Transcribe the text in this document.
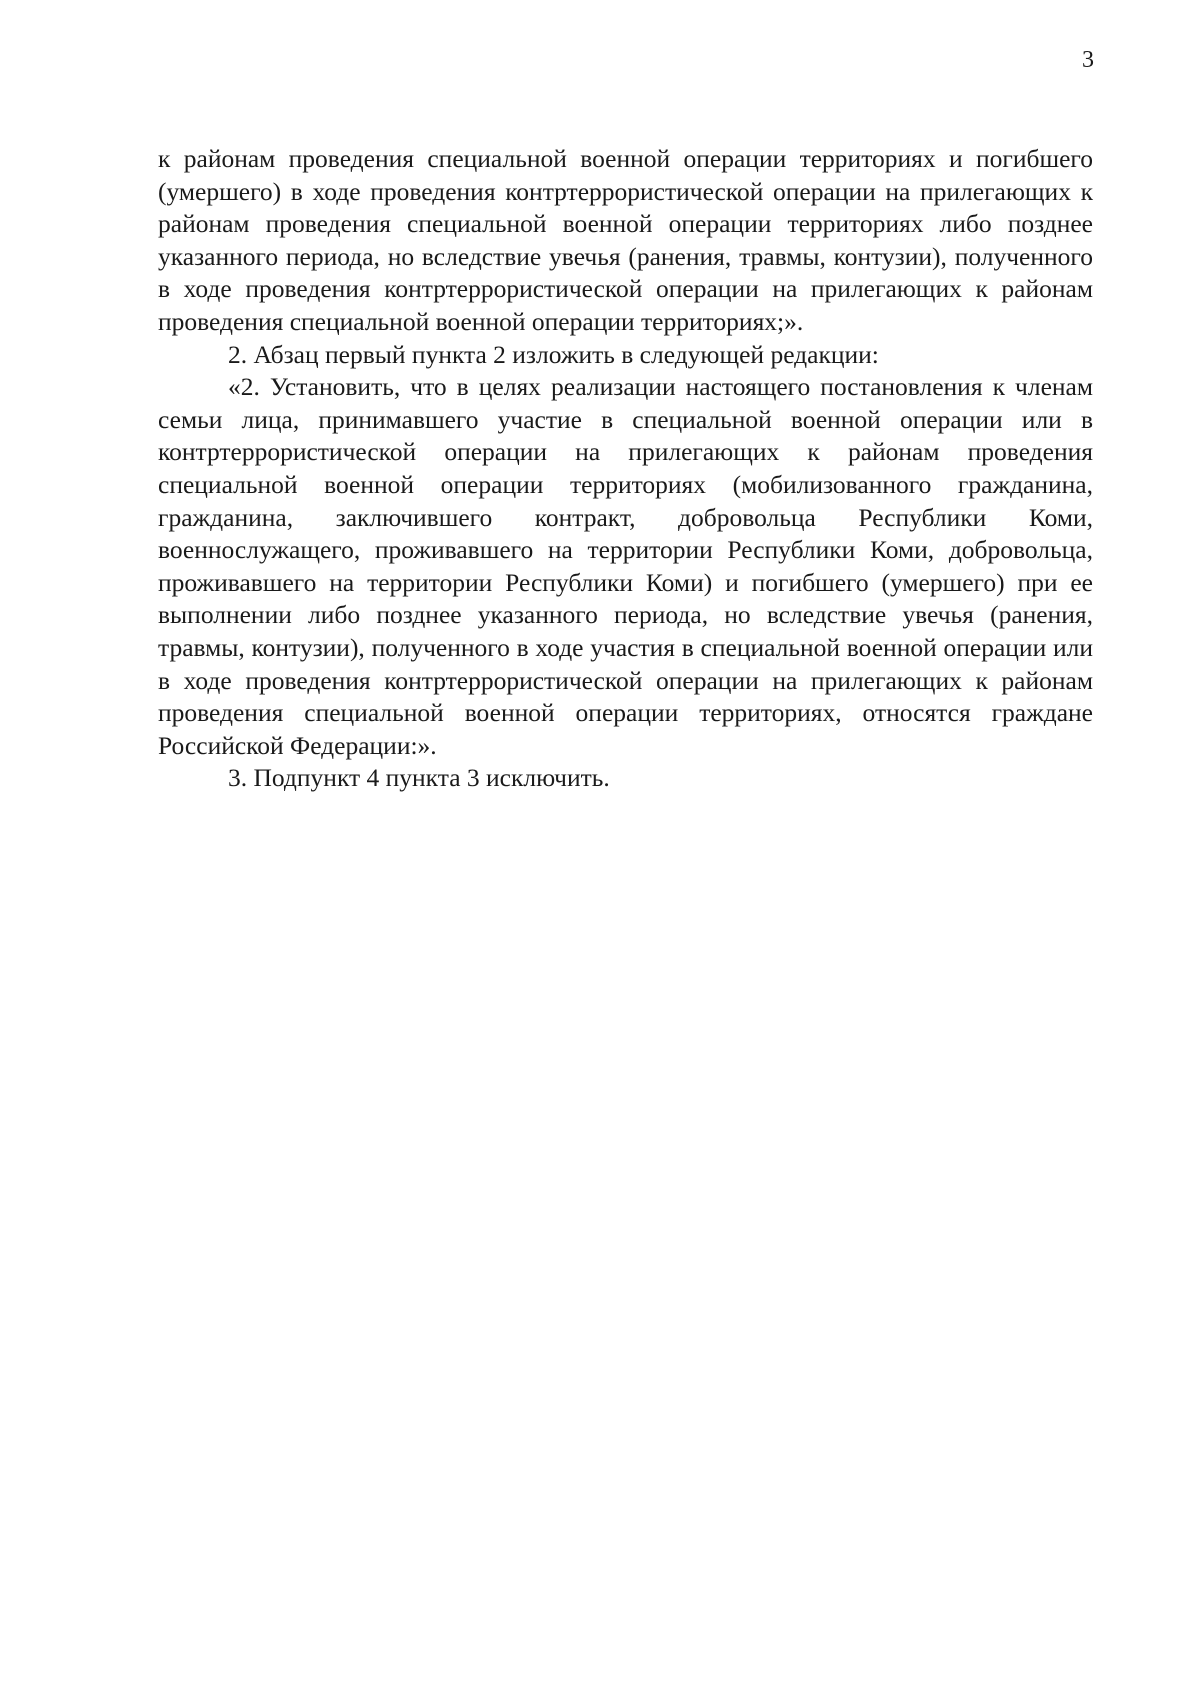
3

к районам проведения специальной военной операции территориях и погибшего (умершего) в ходе проведения контртеррористической операции на прилегающих к районам проведения специальной военной операции территориях либо позднее указанного периода, но вследствие увечья (ранения, травмы, контузии), полученного в ходе проведения контртеррористической операции на прилегающих к районам проведения специальной военной операции территориях;».

2. Абзац первый пункта 2 изложить в следующей редакции:

«2. Установить, что в целях реализации настоящего постановления к членам семьи лица, принимавшего участие в специальной военной операции или в контртеррористической операции на прилегающих к районам проведения специальной военной операции территориях (мобилизованного гражданина, гражданина, заключившего контракт, добровольца Республики Коми, военнослужащего, проживавшего на территории Республики Коми, добровольца, проживавшего на территории Республики Коми) и погибшего (умершего) при ее выполнении либо позднее указанного периода, но вследствие увечья (ранения, травмы, контузии), полученного в ходе участия в специальной военной операции или в ходе проведения контртеррористической операции на прилегающих к районам проведения специальной военной операции территориях, относятся граждане Российской Федерации:».

3. Подпункт 4 пункта 3 исключить.
